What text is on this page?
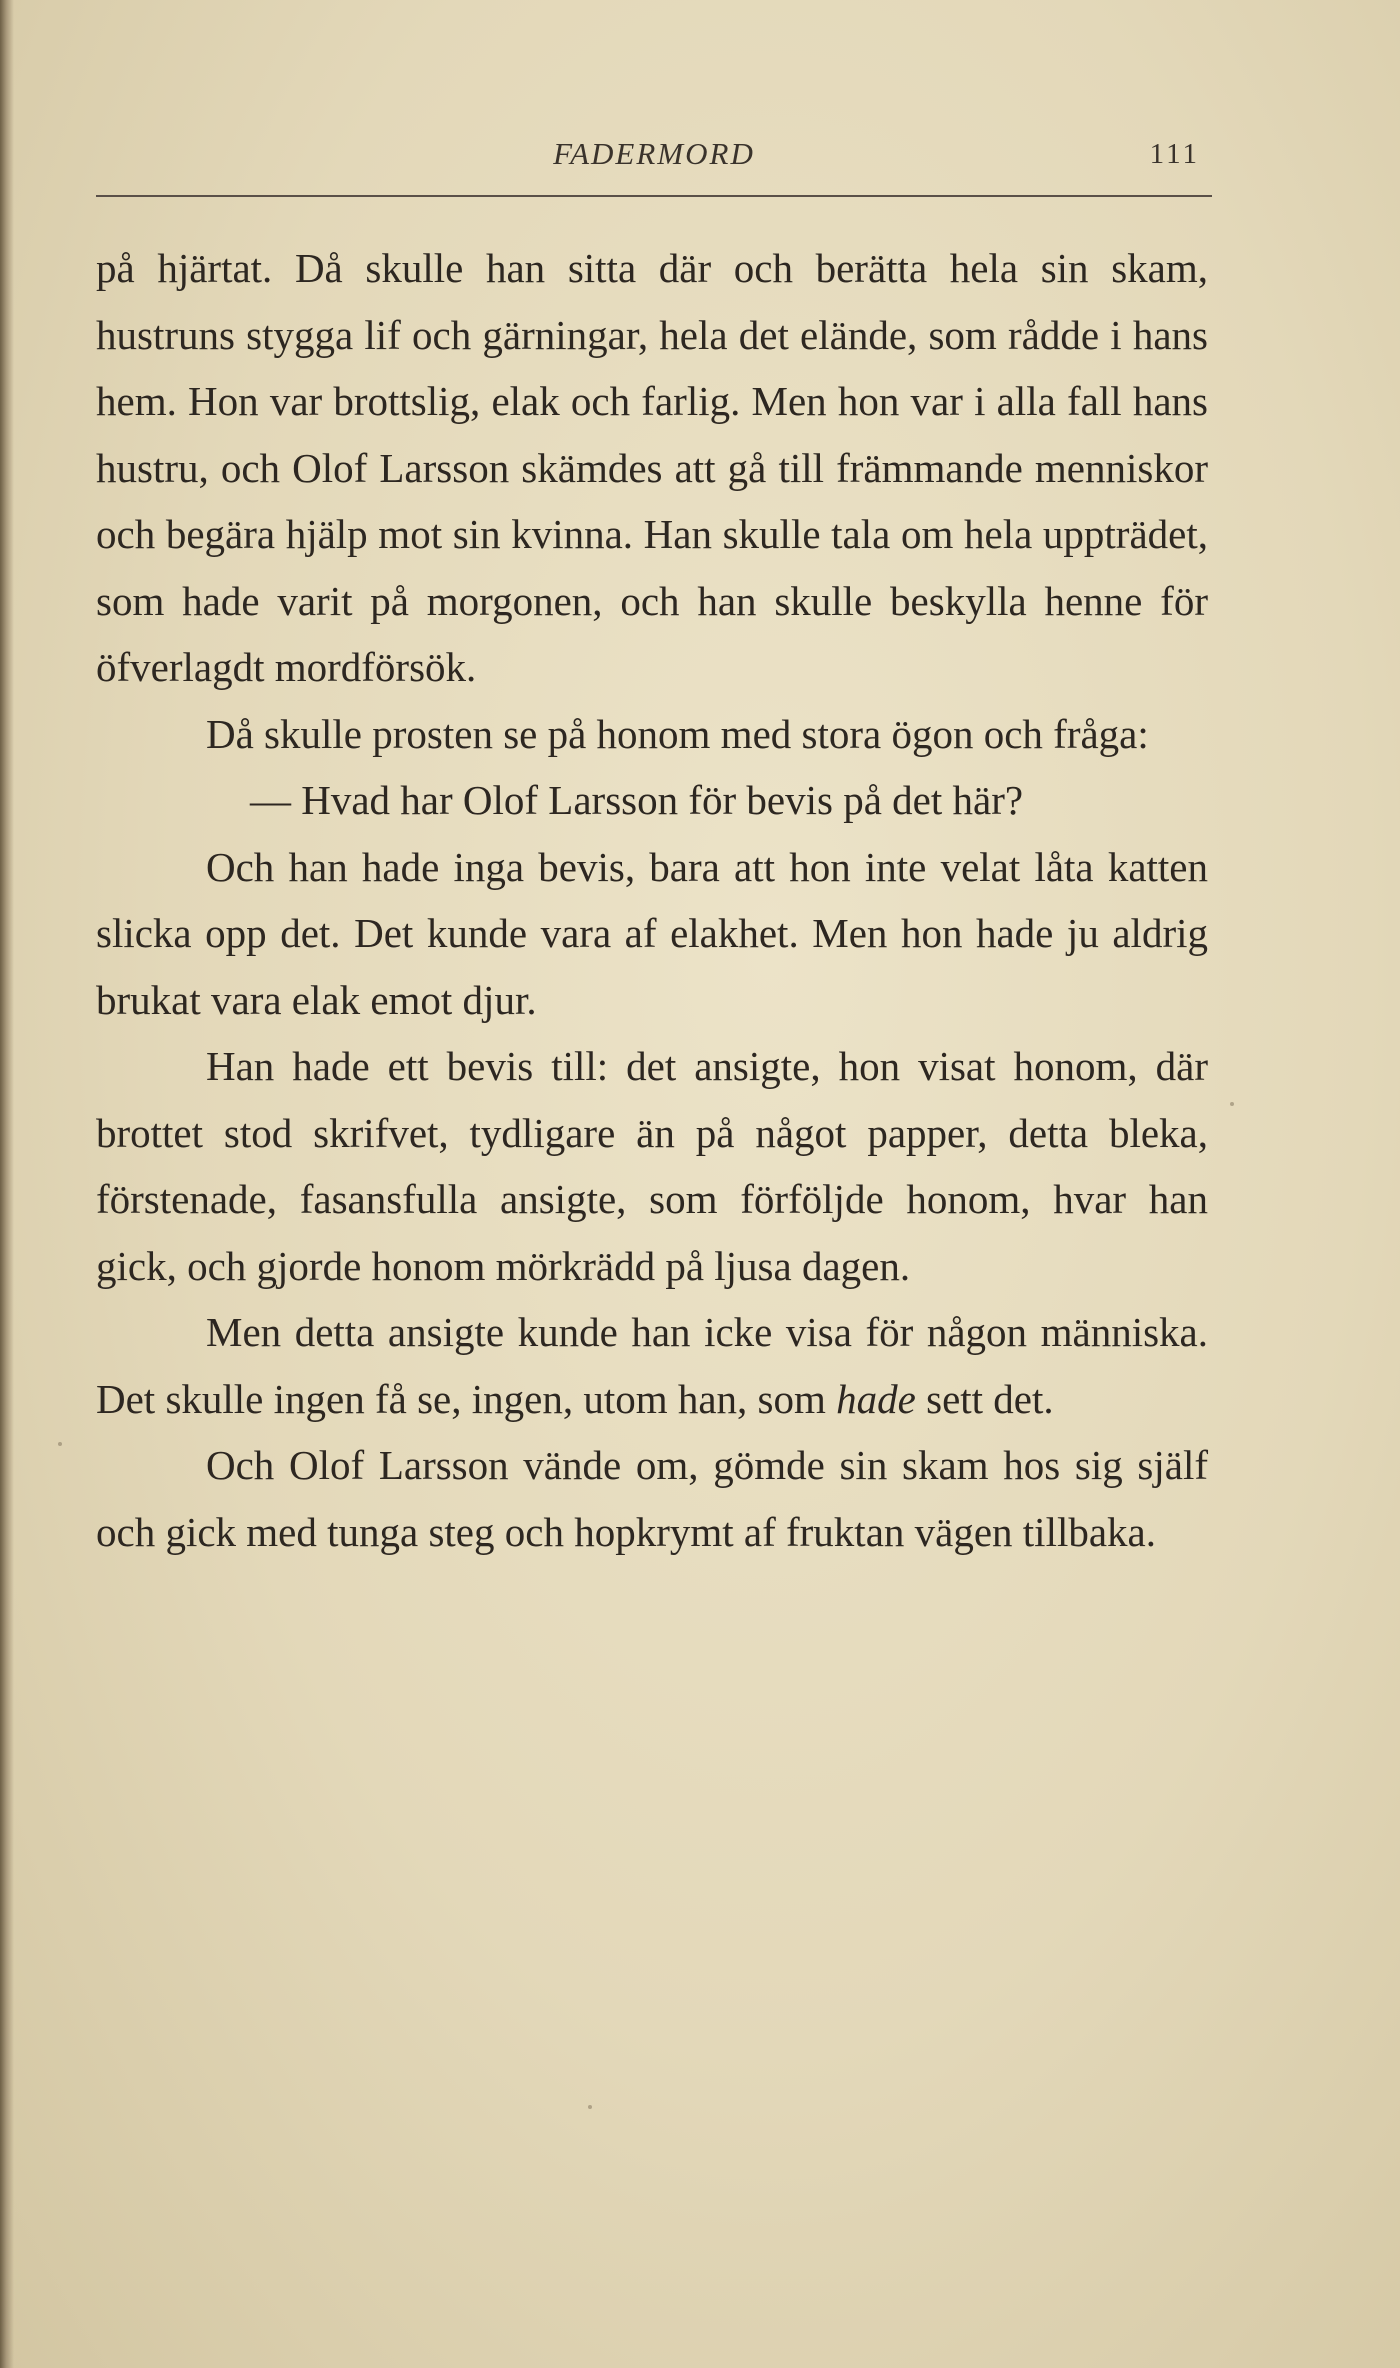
FADERMORD	111

på hjärtat. Då skulle han sitta där och berätta hela sin skam, hustruns stygga lif och gärningar, hela det elände, som rådde i hans hem. Hon var brottslig, elak och farlig. Men hon var i alla fall hans hustru, och Olof Larsson skämdes att gå till främmande menniskor och begära hjälp mot sin kvinna. Han skulle tala om hela uppträdet, som hade varit på morgonen, och han skulle beskylla henne för öfverlagdt mordförsök.

Då skulle prosten se på honom med stora ögon och fråga:

— Hvad har Olof Larsson för bevis på det här?

Och han hade inga bevis, bara att hon inte velat låta katten slicka opp det. Det kunde vara af elakhet. Men hon hade ju aldrig brukat vara elak emot djur.

Han hade ett bevis till: det ansigte, hon visat honom, där brottet stod skrifvet, tydligare än på något papper, detta bleka, förstenade, fasansfulla ansigte, som förföljde honom, hvar han gick, och gjorde honom mörkrädd på ljusa dagen.

Men detta ansigte kunde han icke visa för någon människa. Det skulle ingen få se, ingen, utom han, som hade sett det.

Och Olof Larsson vände om, gömde sin skam hos sig själf och gick med tunga steg och hopkrymt af fruktan vägen tillbaka.
